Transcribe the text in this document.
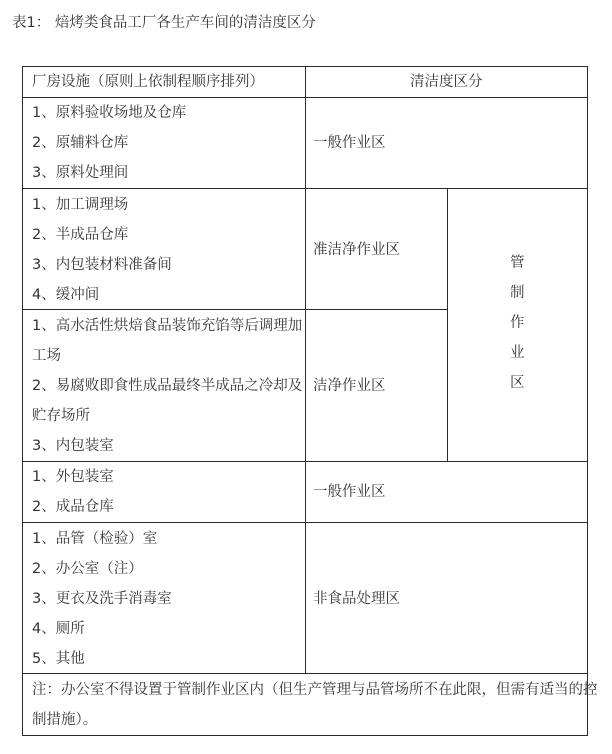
表1： 焙烤类食品工厂各生产车间的清洁度区分
厂房设施（原则上依制程顺序排列）	清洁度区分
1、原料验收场地及仓库
2、原辅料仓库
3、原料处理间
一般作业区
1、加工调理场
2、半成品仓库
3、内包装材料准备间
4、缓冲间
准洁净作业区
1、高水活性烘焙食品装饰充馅等后调理加
工场
2、易腐败即食性成品最终半成品之冷却及
贮存场所
3、内包装室
洁净作业区
管
制
作
业
区
1、外包装室
2、成品仓库
一般作业区
1、品管（检验）室
2、办公室（注）
3、更衣及洗手消毒室
4、厕所
5、其他
非食品处理区
注：办公室不得设置于管制作业区内（但生产管理与品管场所不在此限，但需有适当的控
制措施）。
